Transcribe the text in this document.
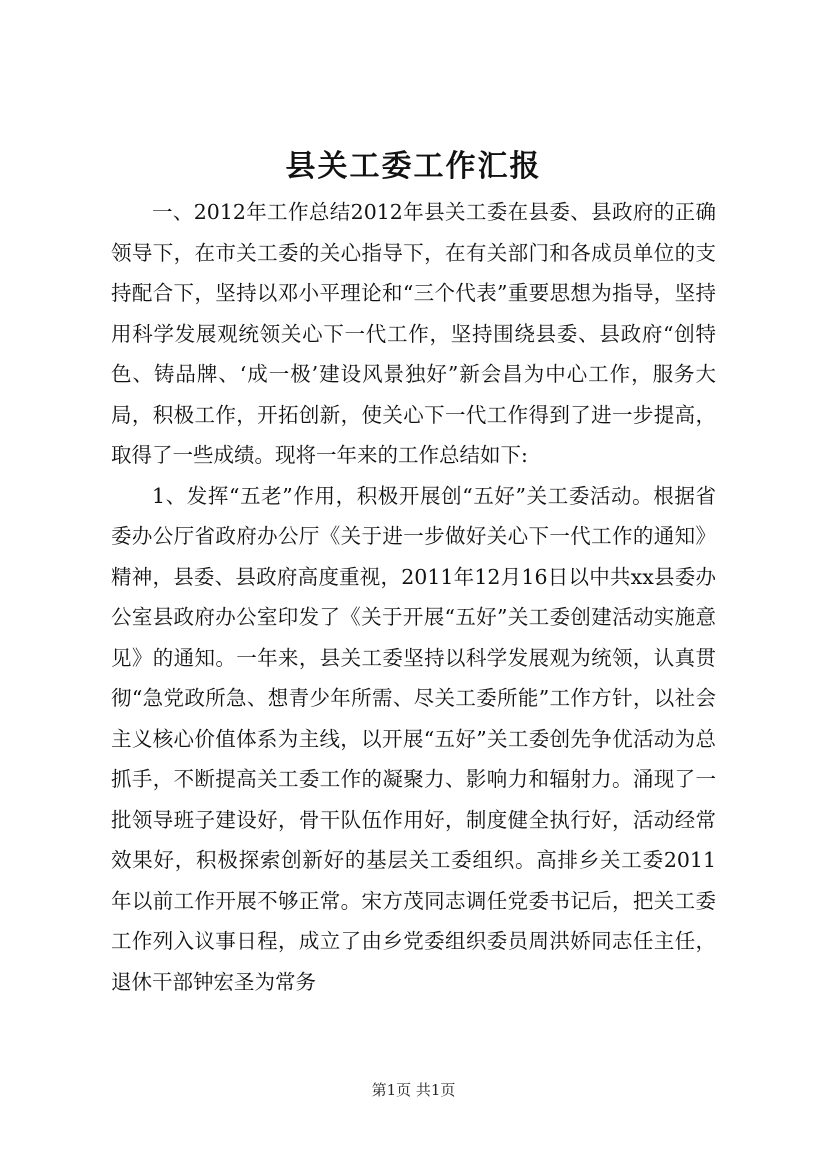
县关工委工作汇报

一、2012年工作总结2012年县关工委在县委、县政府的正确领导下，在市关工委的关心指导下，在有关部门和各成员单位的支持配合下，坚持以邓小平理论和“三个代表”重要思想为指导，坚持用科学发展观统领关心下一代工作，坚持围绕县委、县政府“创特色、铸品牌、‘成一极’建设风景独好”新会昌为中心工作，服务大局，积极工作，开拓创新，使关心下一代工作得到了进一步提高，取得了一些成绩。现将一年来的工作总结如下:

1、发挥“五老”作用，积极开展创“五好”关工委活动。根据省委办公厅省政府办公厅《关于进一步做好关心下一代工作的通知》精神，县委、县政府高度重视，2011年12月16日以中共xx县委办公室县政府办公室印发了《关于开展“五好”关工委创建活动实施意见》的通知。一年来，县关工委坚持以科学发展观为统领，认真贯彻“急党政所急、想青少年所需、尽关工委所能”工作方针，以社会主义核心价值体系为主线，以开展“五好”关工委创先争优活动为总抓手，不断提高关工委工作的凝聚力、影响力和辐射力。涌现了一批领导班子建设好，骨干队伍作用好，制度健全执行好，活动经常效果好，积极探索创新好的基层关工委组织。高排乡关工委2011年以前工作开展不够正常。宋方茂同志调任党委书记后，把关工委工作列入议事日程，成立了由乡党委组织委员周洪娇同志任主任，退休干部钟宏圣为常务

第1页 共1页
